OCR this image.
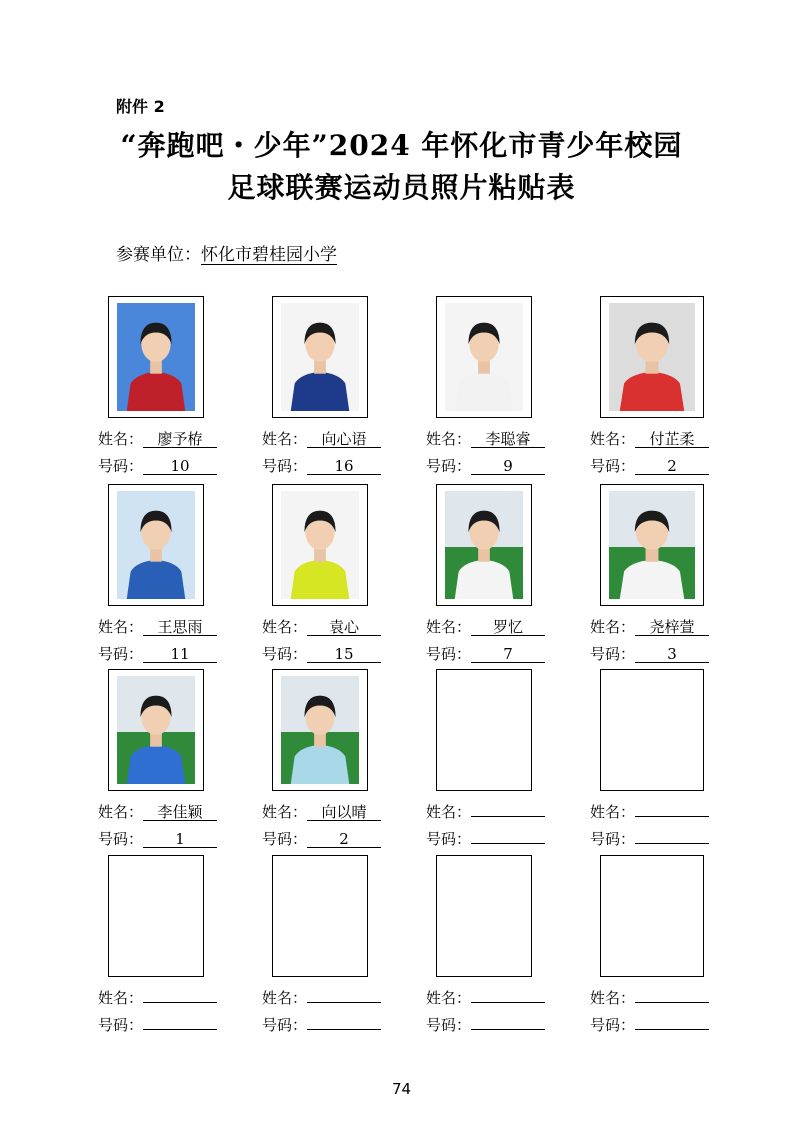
附件 2
“奔跑吧・少年”2024 年怀化市青少年校园
足球联赛运动员照片粘贴表
参赛单位：怀化市碧桂园小学
姓名： 廖予栫
号码： 10
姓名： 向心语
号码： 16
姓名： 李聪睿
号码： 9
姓名： 付芷柔
号码： 2
姓名： 王思雨
号码： 11
姓名： 袁心
号码： 15
姓名： 罗忆
号码： 7
姓名： 尧梓萱
号码： 3
姓名： 李佳颖
号码： 1
姓名： 向以晴
号码： 2
姓名：
号码：
姓名：
号码：
姓名：
号码：
姓名：
号码：
姓名：
号码：
姓名：
号码：
74
